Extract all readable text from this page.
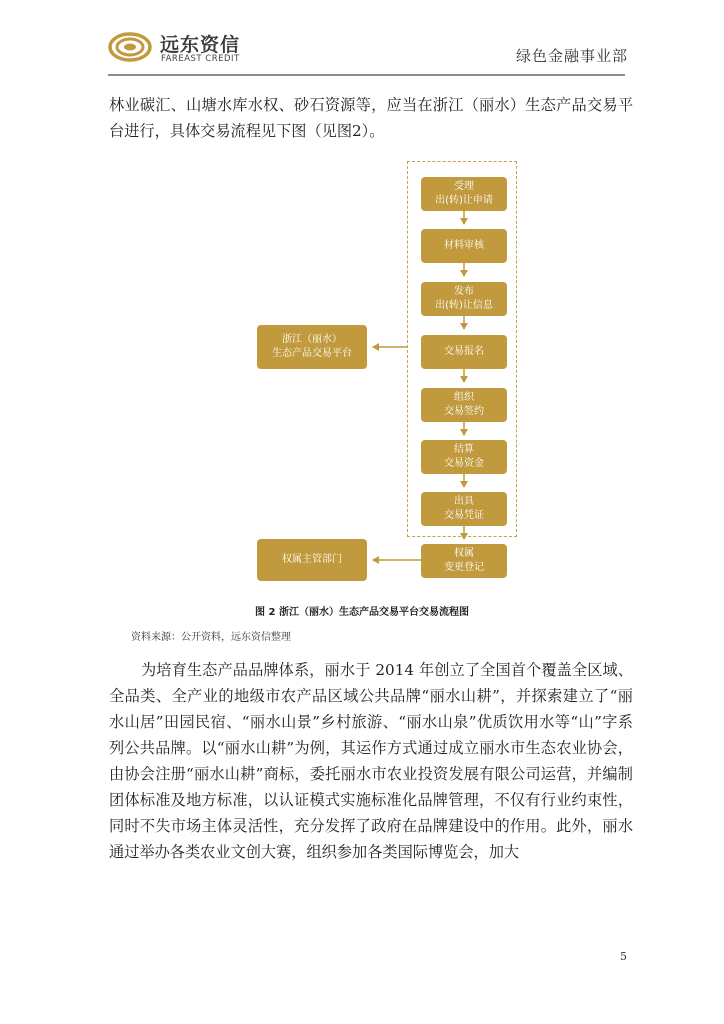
远东资信
FAREAST CREDIT	绿色金融事业部

林业碳汇、山塘水库水权、砂石资源等，应当在浙江（丽水）生态产品交易平台进行，具体交易流程见下图（见图2）。

受理
出(转)让申请
材料审核
发布
出(转)让信息
交易报名
组织
交易签约
结算
交易资金
出具
交易凭证
权属
变更登记
浙江（丽水）
生态产品交易平台
权属主管部门
图 2 浙江（丽水）生态产品交易平台交易流程图
资料来源：公开资料，远东资信整理

为培育生态产品品牌体系，丽水于 2014 年创立了全国首个覆盖全区域、全品类、全产业的地级市农产品区域公共品牌“丽水山耕”，并探索建立了“丽水山居”田园民宿、“丽水山景”乡村旅游、“丽水山泉”优质饮用水等“山”字系列公共品牌。以“丽水山耕”为例，其运作方式通过成立丽水市生态农业协会，由协会注册“丽水山耕”商标，委托丽水市农业投资发展有限公司运营，并编制团体标准及地方标准，以认证模式实施标准化品牌管理，不仅有行业约束性，同时不失市场主体灵活性，充分发挥了政府在品牌建设中的作用。此外，丽水通过举办各类农业文创大赛，组织参加各类国际博览会，加大

5
